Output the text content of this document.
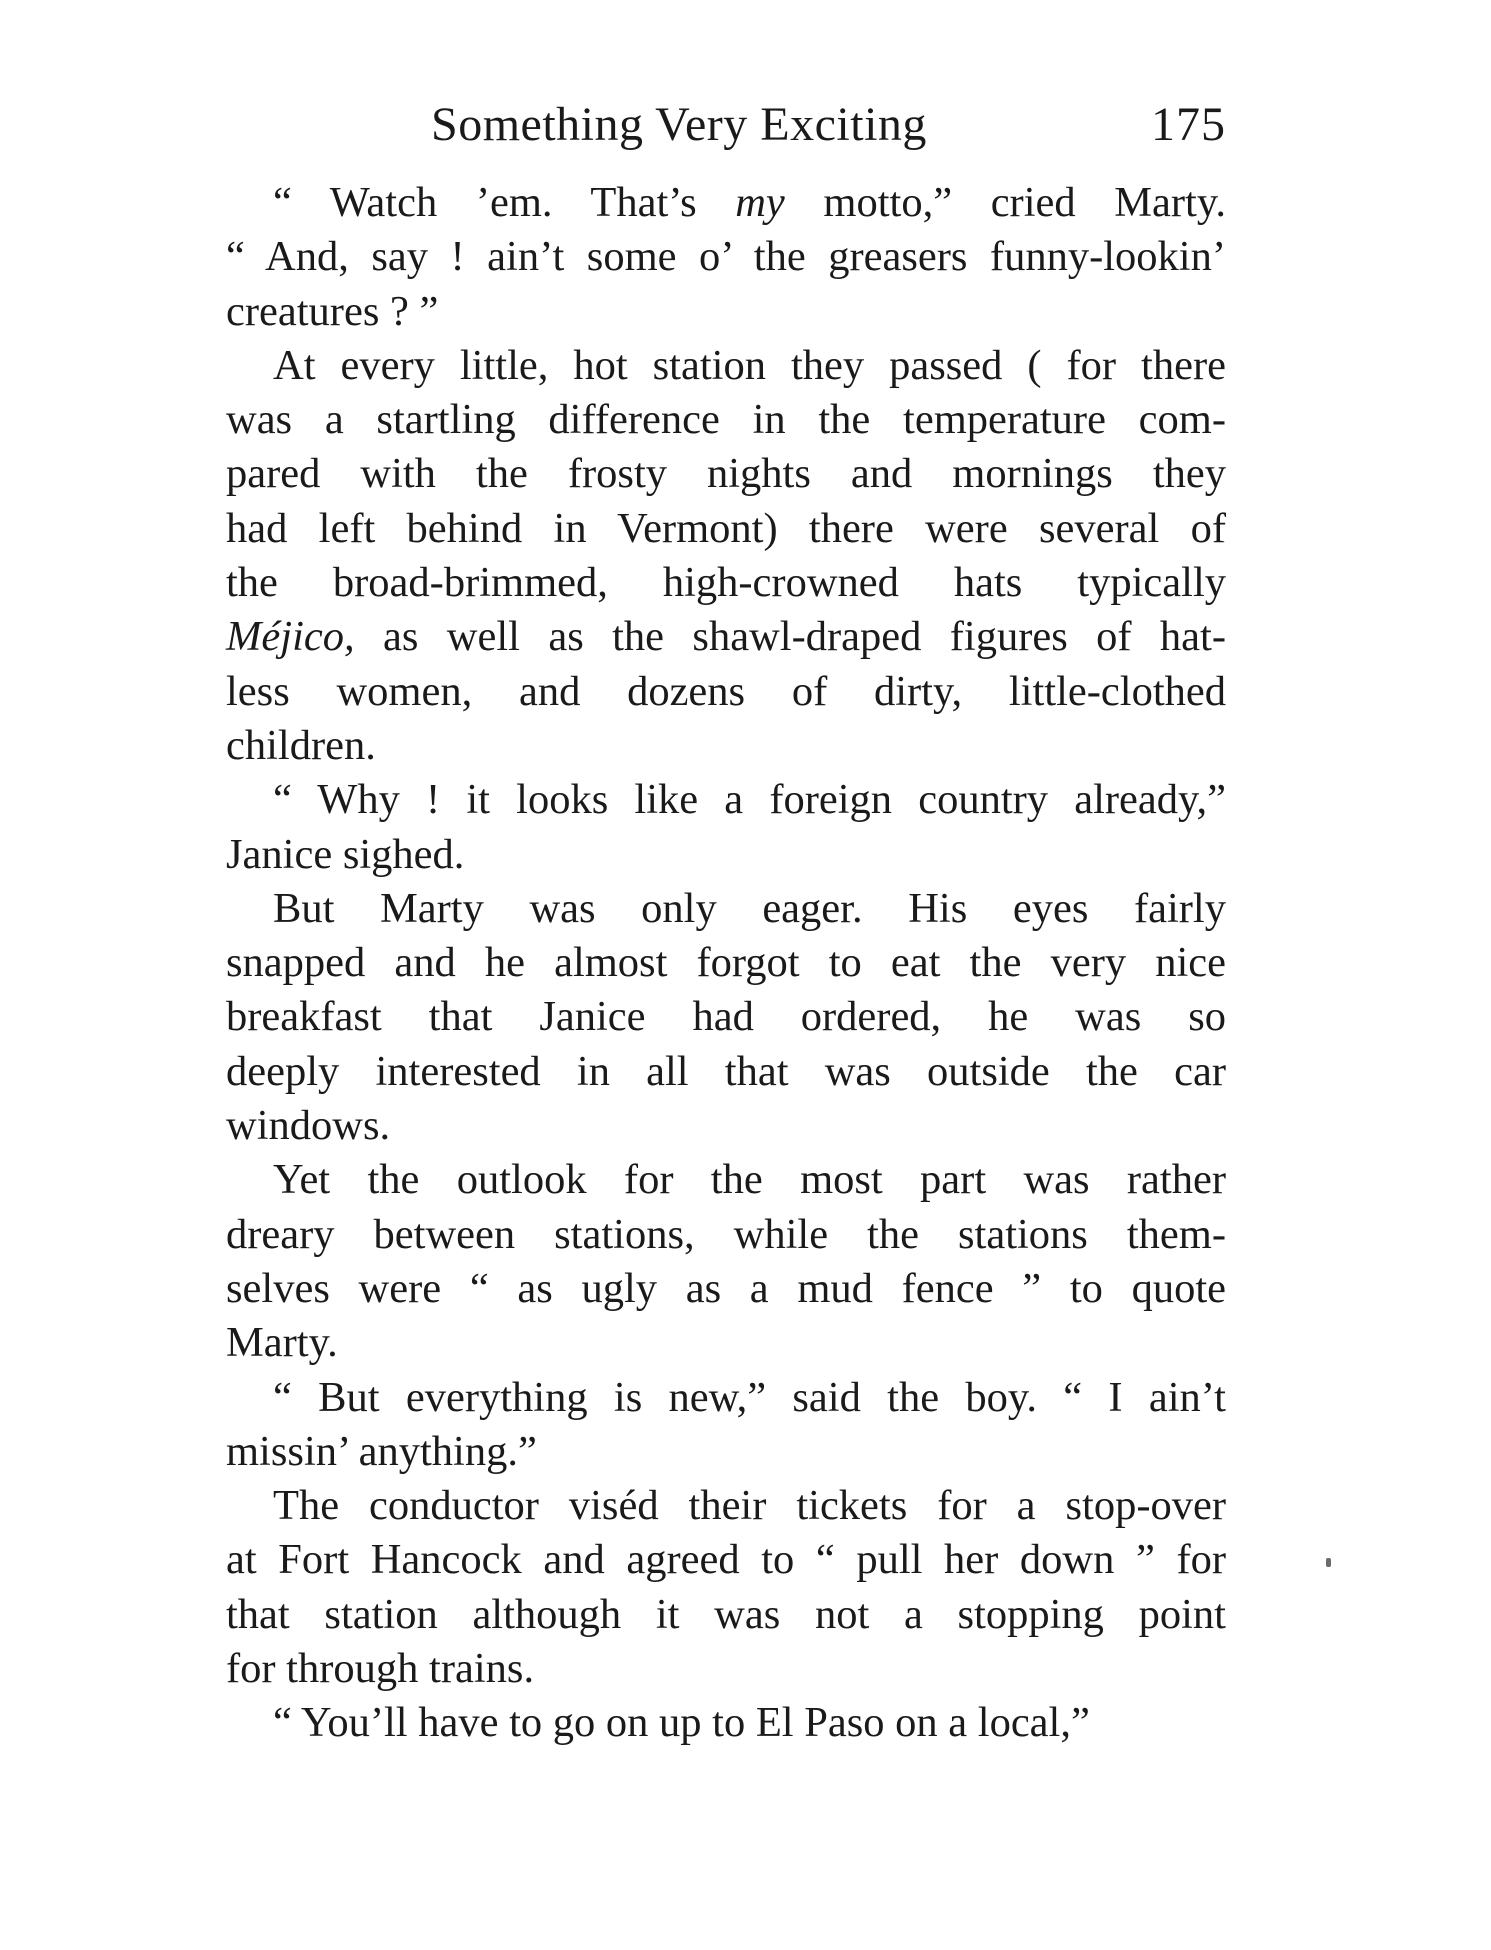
Something Very Exciting	175
“ Watch ’em. That’s my motto,” cried Marty.
“ And, say ! ain’t some o’ the greasers funny-lookin’
creatures ? ”
At every little, hot station they passed ( for there
was a startling difference in the temperature com-
pared with the frosty nights and mornings they
had left behind in Vermont) there were several of
the broad-brimmed, high-crowned hats typically
Méjico, as well as the shawl-draped figures of hat-
less women, and dozens of dirty, little-clothed
children.
“ Why ! it looks like a foreign country already,”
Janice sighed.
But Marty was only eager. His eyes fairly
snapped and he almost forgot to eat the very nice
breakfast that Janice had ordered, he was so
deeply interested in all that was outside the car
windows.
Yet the outlook for the most part was rather
dreary between stations, while the stations them-
selves were “ as ugly as a mud fence ” to quote
Marty.
“ But everything is new,” said the boy. “ I ain’t
missin’ anything.”
The conductor viséd their tickets for a stop-over
at Fort Hancock and agreed to “ pull her down ” for
that station although it was not a stopping point
for through trains.
“ You’ll have to go on up to El Paso on a local,”
